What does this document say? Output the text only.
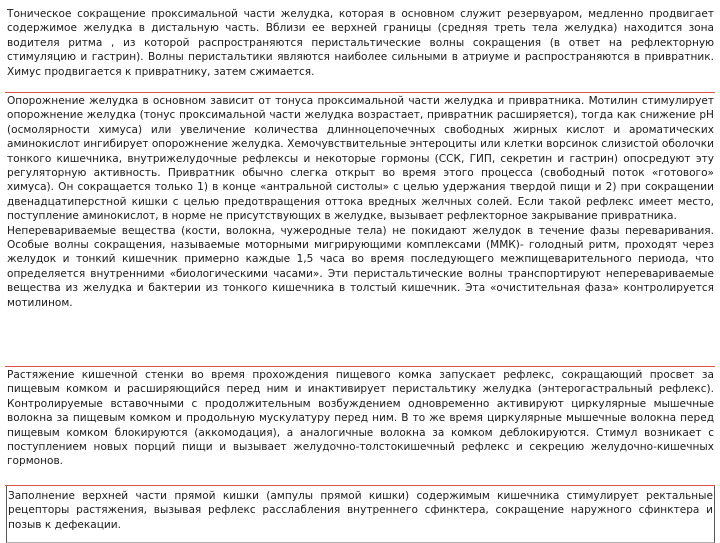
Тоническое сокращение проксимальной части желудка, которая в основном служит резервуаром, медленно продвигает содержимое желудка в дистальную часть. Вблизи ее верхней границы (средняя треть тела желудка) находится зона водителя ритма , из которой распространяются перистальтические волны сокращения (в ответ на рефлекторную стимуляцию и гастрин). Волны перистальтики являются наиболее сильными в атриуме и распространяются в привратник. Химус продвигается к привратнику, затем сжимается.

Опорожнение желудка в основном зависит от тонуса проксимальной части желудка и привратника. Мотилин стимулирует опорожнение желудка (тонус проксимальной части желудка возрастает, привратник расширяется), тогда как снижение pH (осмолярности химуса) или увеличение количества длинноцепочечных свободных жирных кислот и ароматических аминокислот ингибирует опорожнение желудка. Хемочувствительные энтероциты или клетки ворсинок слизистой оболочки тонкого кишечника, внутрижелудочные рефлексы и некоторые гормоны (ССК, ГИП, секретин и гастрин) опосредуют эту регуляторную активность. Привратник обычно слегка открыт во время этого процесса (свободный поток «готового» химуса). Он сокращается только 1) в конце «антральной систолы» с целью удержания твердой пищи и 2) при сокращении двенадцатиперстной кишки с целью предотвращения оттока вредных желчных солей. Если такой рефлекс имеет место, поступление аминокислот, в норме не присутствующих в желудке, вызывает рефлекторное закрывание привратника.

Неперевариваемые вещества (кости, волокна, чужеродные тела) не покидают желудок в течение фазы переваривания. Особые волны сокращения, называемые моторными мигрирующими комплексами (ММК)- голодный ритм, проходят через желудок и тонкий кишечник примерно каждые 1,5 часа во время последующего межпищеварительного периода, что определяется внутренними «биологическими часами». Эти перистальтические волны транспортируют неперевариваемые вещества из желудка и бактерии из тонкого кишечника в толстый кишечник. Эта «очистительная фаза» контролируется мотилином.

Растяжение кишечной стенки во время прохождения пищевого комка запускает рефлекс, сокращающий просвет за пищевым комком и расширяющийся перед ним и инактивирует перистальтику желудка (энтерогастральный рефлекс). Контролируемые вставочными с продолжительным возбуждением одновременно активируют циркулярные мышечные волокна за пищевым комком и продольную мускулатуру перед ним. В то же время циркулярные мышечные волокна перед пищевым комком блокируются (аккомодация), а аналогичные волокна за комком деблокируются. Стимул возникает с поступлением новых порций пищи и вызывает желудочно-толстокишечный рефлекс и секрецию желудочно-кишечных гормонов.

Заполнение верхней части прямой кишки (ампулы прямой кишки) содержимым кишечника стимулирует ректальные рецепторы растяжения, вызывая рефлекс расслабления внутреннего сфинктера, сокращение наружного сфинктера и позыв к дефекации.
